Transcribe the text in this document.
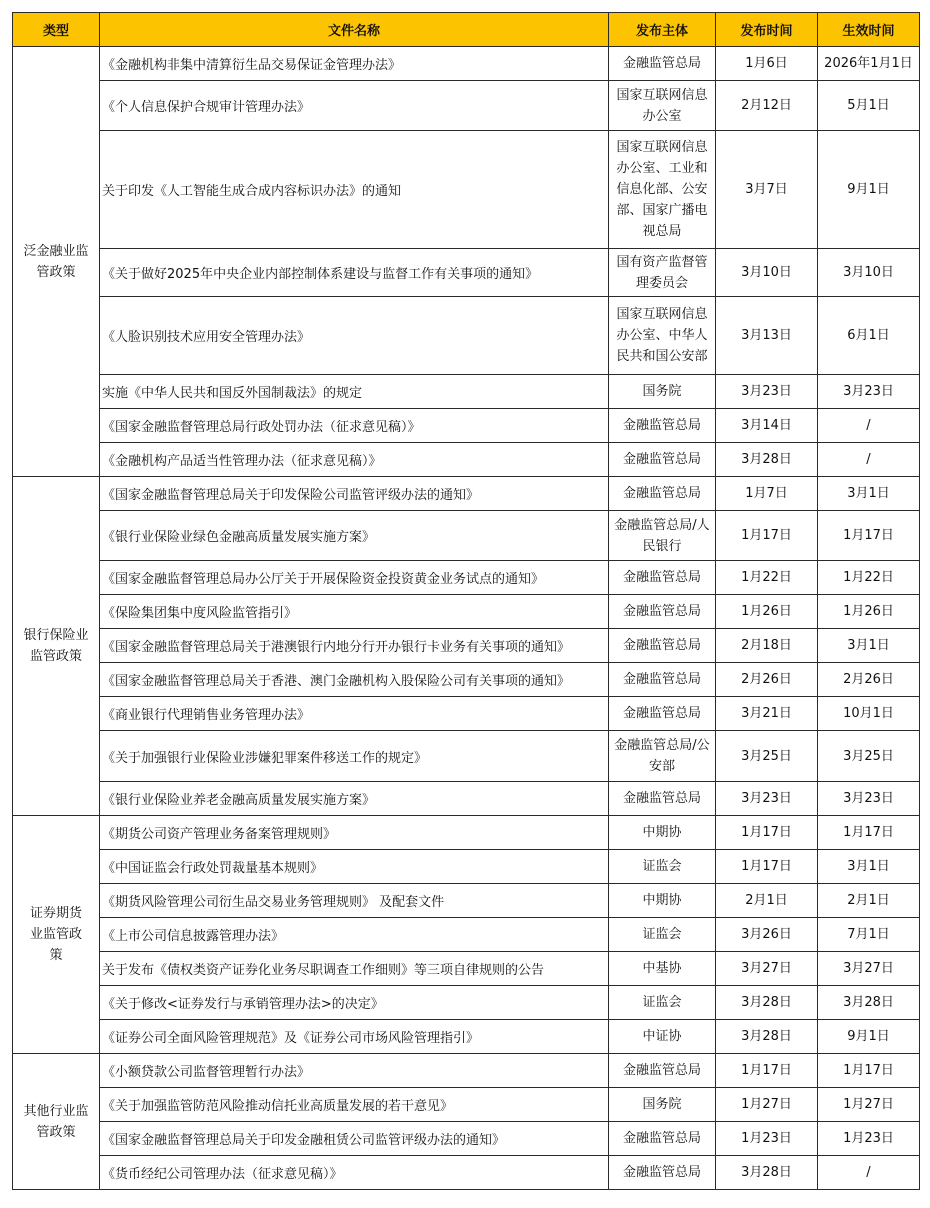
类型	文件名称	发布主体	发布时间	生效时间

泛金融业监管政策	《金融机构非集中清算衍生品交易保证金管理办法》	金融监管总局	1月6日	2026年1月1日
	《个人信息保护合规审计管理办法》	国家互联网信息办公室	2月12日	5月1日
	关于印发《人工智能生成合成内容标识办法》的通知	国家互联网信息办公室、工业和信息化部、公安部、国家广播电视总局	3月7日	9月1日
	《关于做好2025年中央企业内部控制体系建设与监督工作有关事项的通知》	国有资产监督管理委员会	3月10日	3月10日
	《人脸识别技术应用安全管理办法》	国家互联网信息办公室、中华人民共和国公安部	3月13日	6月1日
	实施《中华人民共和国反外国制裁法》的规定	国务院	3月23日	3月23日
	《国家金融监督管理总局行政处罚办法（征求意见稿）》	金融监管总局	3月14日	/
	《金融机构产品适当性管理办法（征求意见稿）》	金融监管总局	3月28日	/

银行保险业监管政策	《国家金融监督管理总局关于印发保险公司监管评级办法的通知》	金融监管总局	1月7日	3月1日
	《银行业保险业绿色金融高质量发展实施方案》	金融监管总局/人民银行	1月17日	1月17日
	《国家金融监督管理总局办公厅关于开展保险资金投资黄金业务试点的通知》	金融监管总局	1月22日	1月22日
	《保险集团集中度风险监管指引》	金融监管总局	1月26日	1月26日
	《国家金融监督管理总局关于港澳银行内地分行开办银行卡业务有关事项的通知》	金融监管总局	2月18日	3月1日
	《国家金融监督管理总局关于香港、澳门金融机构入股保险公司有关事项的通知》	金融监管总局	2月26日	2月26日
	《商业银行代理销售业务管理办法》	金融监管总局	3月21日	10月1日
	《关于加强银行业保险业涉嫌犯罪案件移送工作的规定》	金融监管总局/公安部	3月25日	3月25日
	《银行业保险业养老金融高质量发展实施方案》	金融监管总局	3月23日	3月23日

证券期货业监管政策	《期货公司资产管理业务备案管理规则》	中期协	1月17日	1月17日
	《中国证监会行政处罚裁量基本规则》	证监会	1月17日	3月1日
	《期货风险管理公司衍生品交易业务管理规则》 及配套文件	中期协	2月1日	2月1日
	《上市公司信息披露管理办法》	证监会	3月26日	7月1日
	关于发布《债权类资产证券化业务尽职调查工作细则》等三项自律规则的公告	中基协	3月27日	3月27日
	《关于修改<证券发行与承销管理办法>的决定》	证监会	3月28日	3月28日
	《证券公司全面风险管理规范》及《证券公司市场风险管理指引》	中证协	3月28日	9月1日

其他行业监管政策	《小额贷款公司监督管理暂行办法》	金融监管总局	1月17日	1月17日
	《关于加强监管防范风险推动信托业高质量发展的若干意见》	国务院	1月27日	1月27日
	《国家金融监督管理总局关于印发金融租赁公司监管评级办法的通知》	金融监管总局	1月23日	1月23日
	《货币经纪公司管理办法（征求意见稿）》	金融监管总局	3月28日	/
